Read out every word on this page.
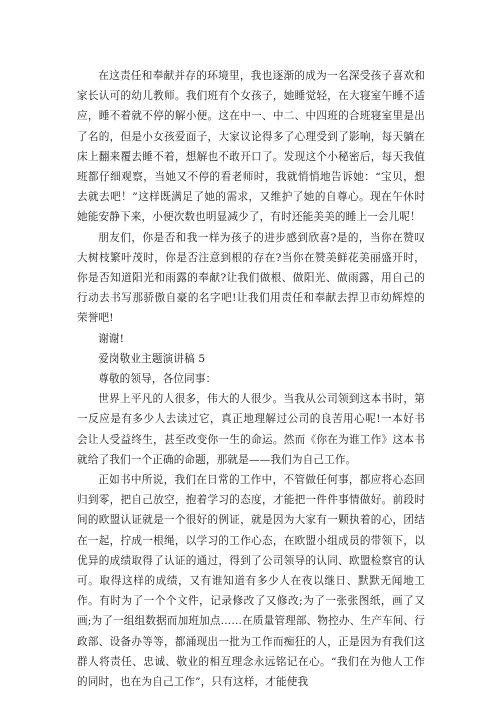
在这责任和奉献并存的环境里，我也逐渐的成为一名深受孩子喜欢和家长认可的幼儿教师。我们班有个女孩子，她睡觉轻，在大寝室午睡不适应，睡不着就不停的解小便。这在中一、中二、中四班的合班寝室里是出了名的，但是小女孩爱面子，大家议论得多了心理受到了影响，每天躺在床上翻来覆去睡不着，想解也不敢开口了。发现这个小秘密后，每天我值班都仔细观察，当她又不停的看老师时，我就悄悄地告诉她：“宝贝，想去就去吧！”这样既满足了她的需求，又维护了她的自尊心。现在午休时她能安静下来，小便次数也明显减少了，有时还能美美的睡上一会儿呢！

朋友们，你是否和我一样为孩子的进步感到欣喜?是的，当你在赞叹大树枝繁叶茂时，你是否注意到根的存在?当你在赞美鲜花美丽盛开时，你是否知道阳光和雨露的奉献?让我们做根、做阳光、做雨露，用自己的行动去书写那骄傲自豪的名字吧!让我们用责任和奉献去捍卫市幼辉煌的荣誉吧!

谢谢!

爱岗敬业主题演讲稿 5

尊敬的领导，各位同事：

世界上平凡的人很多，伟大的人很少。当我从公司领到这本书时，第一反应是有多少人去读过它，真正地理解过公司的良苦用心呢!一本好书会让人受益终生，甚至改变你一生的命运。然而《你在为谁工作》这本书就给了我们一个正确的命题，那就是——我们为自己工作。

正如书中所说，我们在日常的工作中，不管做任何事，都应将心态回归到零，把自己放空，抱着学习的态度，才能把一件件事情做好。前段时间的欧盟认证就是一个很好的例证，就是因为大家有一颗执着的心，团结在一起，拧成一根绳，以学习的工作心态，在欧盟小组成员的带领下，以优异的成绩取得了认证的通过，得到了公司领导的认同、欧盟检察官的认可。取得这样的成绩，又有谁知道有多少人在夜以继日、默默无闻地工作。有时为了一个个文件，记录修改了又修改;为了一张张图纸，画了又画;为了一组组数据而加班加点……在质量管理部、物控办、生产车间、行政部、设备办等等，都涌现出一批为工作而痴狂的人，正是因为有我们这群人将责任、忠诚、敬业的相互理念永远铭记在心。“我们在为他人工作的同时，也在为自己工作”，只有这样，才能使我
